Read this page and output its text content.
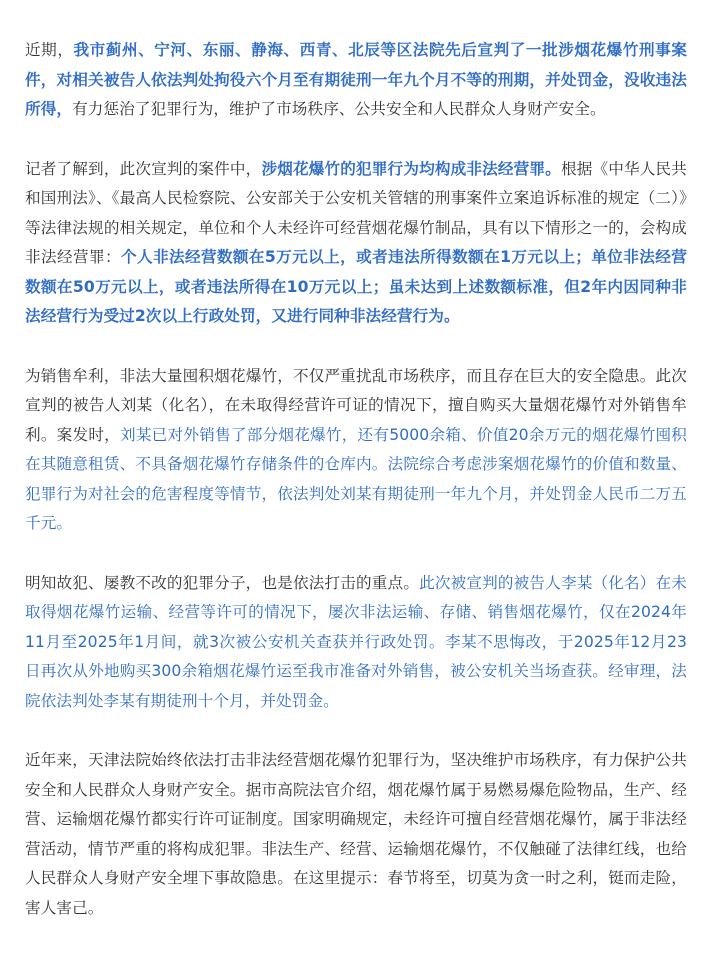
近期，我市蓟州、宁河、东丽、静海、西青、北辰等区法院先后宣判了一批涉烟花爆竹刑事案件，对相关被告人依法判处拘役六个月至有期徒刑一年九个月不等的刑期，并处罚金，没收违法所得，有力惩治了犯罪行为，维护了市场秩序、公共安全和人民群众人身财产安全。

记者了解到，此次宣判的案件中，涉烟花爆竹的犯罪行为均构成非法经营罪。根据《中华人民共和国刑法》、《最高人民检察院、公安部关于公安机关管辖的刑事案件立案追诉标准的规定（二）》等法律法规的相关规定，单位和个人未经许可经营烟花爆竹制品，具有以下情形之一的，会构成非法经营罪：个人非法经营数额在5万元以上，或者违法所得数额在1万元以上；单位非法经营数额在50万元以上，或者违法所得在10万元以上；虽未达到上述数额标准，但2年内因同种非法经营行为受过2次以上行政处罚，又进行同种非法经营行为。

为销售牟利，非法大量囤积烟花爆竹，不仅严重扰乱市场秩序，而且存在巨大的安全隐患。此次宣判的被告人刘某（化名），在未取得经营许可证的情况下，擅自购买大量烟花爆竹对外销售牟利。案发时，刘某已对外销售了部分烟花爆竹，还有5000余箱、价值20余万元的烟花爆竹囤积在其随意租赁、不具备烟花爆竹存储条件的仓库内。法院综合考虑涉案烟花爆竹的价值和数量、犯罪行为对社会的危害程度等情节，依法判处刘某有期徒刑一年九个月，并处罚金人民币二万五千元。

明知故犯、屡教不改的犯罪分子，也是依法打击的重点。此次被宣判的被告人李某（化名）在未取得烟花爆竹运输、经营等许可的情况下，屡次非法运输、存储、销售烟花爆竹，仅在2024年11月至2025年1月间，就3次被公安机关查获并行政处罚。李某不思悔改，于2025年12月23日再次从外地购买300余箱烟花爆竹运至我市准备对外销售，被公安机关当场查获。经审理，法院依法判处李某有期徒刑十个月，并处罚金。

近年来，天津法院始终依法打击非法经营烟花爆竹犯罪行为，坚决维护市场秩序，有力保护公共安全和人民群众人身财产安全。据市高院法官介绍，烟花爆竹属于易燃易爆危险物品，生产、经营、运输烟花爆竹都实行许可证制度。国家明确规定，未经许可擅自经营烟花爆竹，属于非法经营活动，情节严重的将构成犯罪。非法生产、经营、运输烟花爆竹，不仅触碰了法律红线，也给人民群众人身财产安全埋下事故隐患。在这里提示：春节将至，切莫为贪一时之利，铤而走险，害人害己。
